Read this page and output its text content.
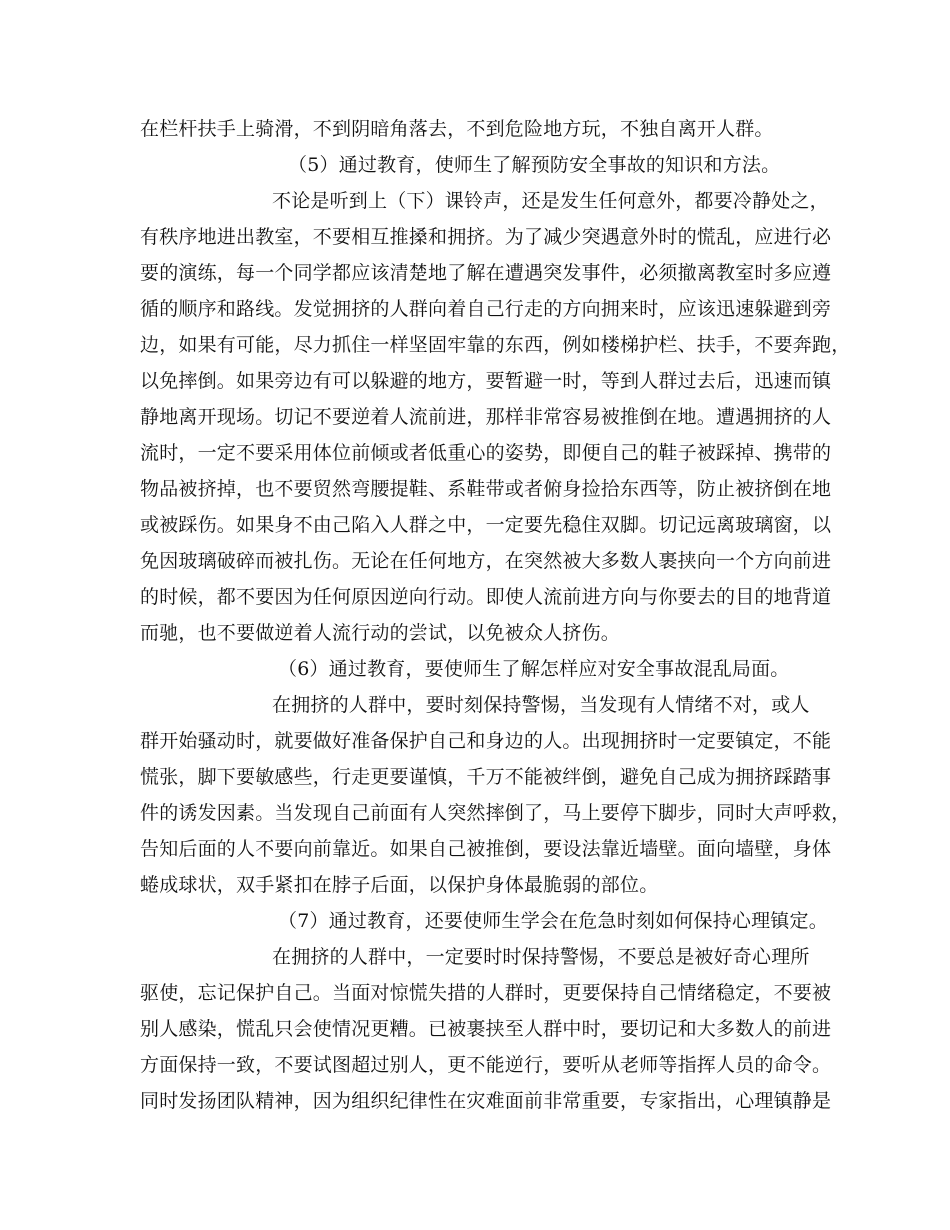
在栏杆扶手上骑滑，不到阴暗角落去，不到危险地方玩，不独自离开人群。
（5）通过教育，使师生了解预防安全事故的知识和方法。
不论是听到上（下）课铃声，还是发生任何意外，都要冷静处之，
有秩序地进出教室，不要相互推搡和拥挤。为了减少突遇意外时的慌乱，应进行必
要的演练，每一个同学都应该清楚地了解在遭遇突发事件，必须撤离教室时多应遵
循的顺序和路线。发觉拥挤的人群向着自己行走的方向拥来时，应该迅速躲避到旁
边，如果有可能，尽力抓住一样坚固牢靠的东西，例如楼梯护栏、扶手，不要奔跑，
以免摔倒。如果旁边有可以躲避的地方，要暂避一时，等到人群过去后，迅速而镇
静地离开现场。切记不要逆着人流前进，那样非常容易被推倒在地。遭遇拥挤的人
流时，一定不要采用体位前倾或者低重心的姿势，即便自己的鞋子被踩掉、携带的
物品被挤掉，也不要贸然弯腰提鞋、系鞋带或者俯身捡拾东西等，防止被挤倒在地
或被踩伤。如果身不由己陷入人群之中，一定要先稳住双脚。切记远离玻璃窗，以
免因玻璃破碎而被扎伤。无论在任何地方，在突然被大多数人裹挟向一个方向前进
的时候，都不要因为任何原因逆向行动。即使人流前进方向与你要去的目的地背道
而驰，也不要做逆着人流行动的尝试，以免被众人挤伤。
（6）通过教育，要使师生了解怎样应对安全事故混乱局面。
在拥挤的人群中，要时刻保持警惕，当发现有人情绪不对，或人
群开始骚动时，就要做好准备保护自己和身边的人。出现拥挤时一定要镇定，不能
慌张，脚下要敏感些，行走更要谨慎，千万不能被绊倒，避免自己成为拥挤踩踏事
件的诱发因素。当发现自己前面有人突然摔倒了，马上要停下脚步，同时大声呼救，
告知后面的人不要向前靠近。如果自己被推倒，要设法靠近墙壁。面向墙壁，身体
蜷成球状，双手紧扣在脖子后面，以保护身体最脆弱的部位。
（7）通过教育，还要使师生学会在危急时刻如何保持心理镇定。
在拥挤的人群中，一定要时时保持警惕，不要总是被好奇心理所
驱使，忘记保护自己。当面对惊慌失措的人群时，更要保持自己情绪稳定，不要被
别人感染，慌乱只会使情况更糟。已被裹挟至人群中时，要切记和大多数人的前进
方面保持一致，不要试图超过别人，更不能逆行，要听从老师等指挥人员的命令。
同时发扬团队精神，因为组织纪律性在灾难面前非常重要，专家指出，心理镇静是
